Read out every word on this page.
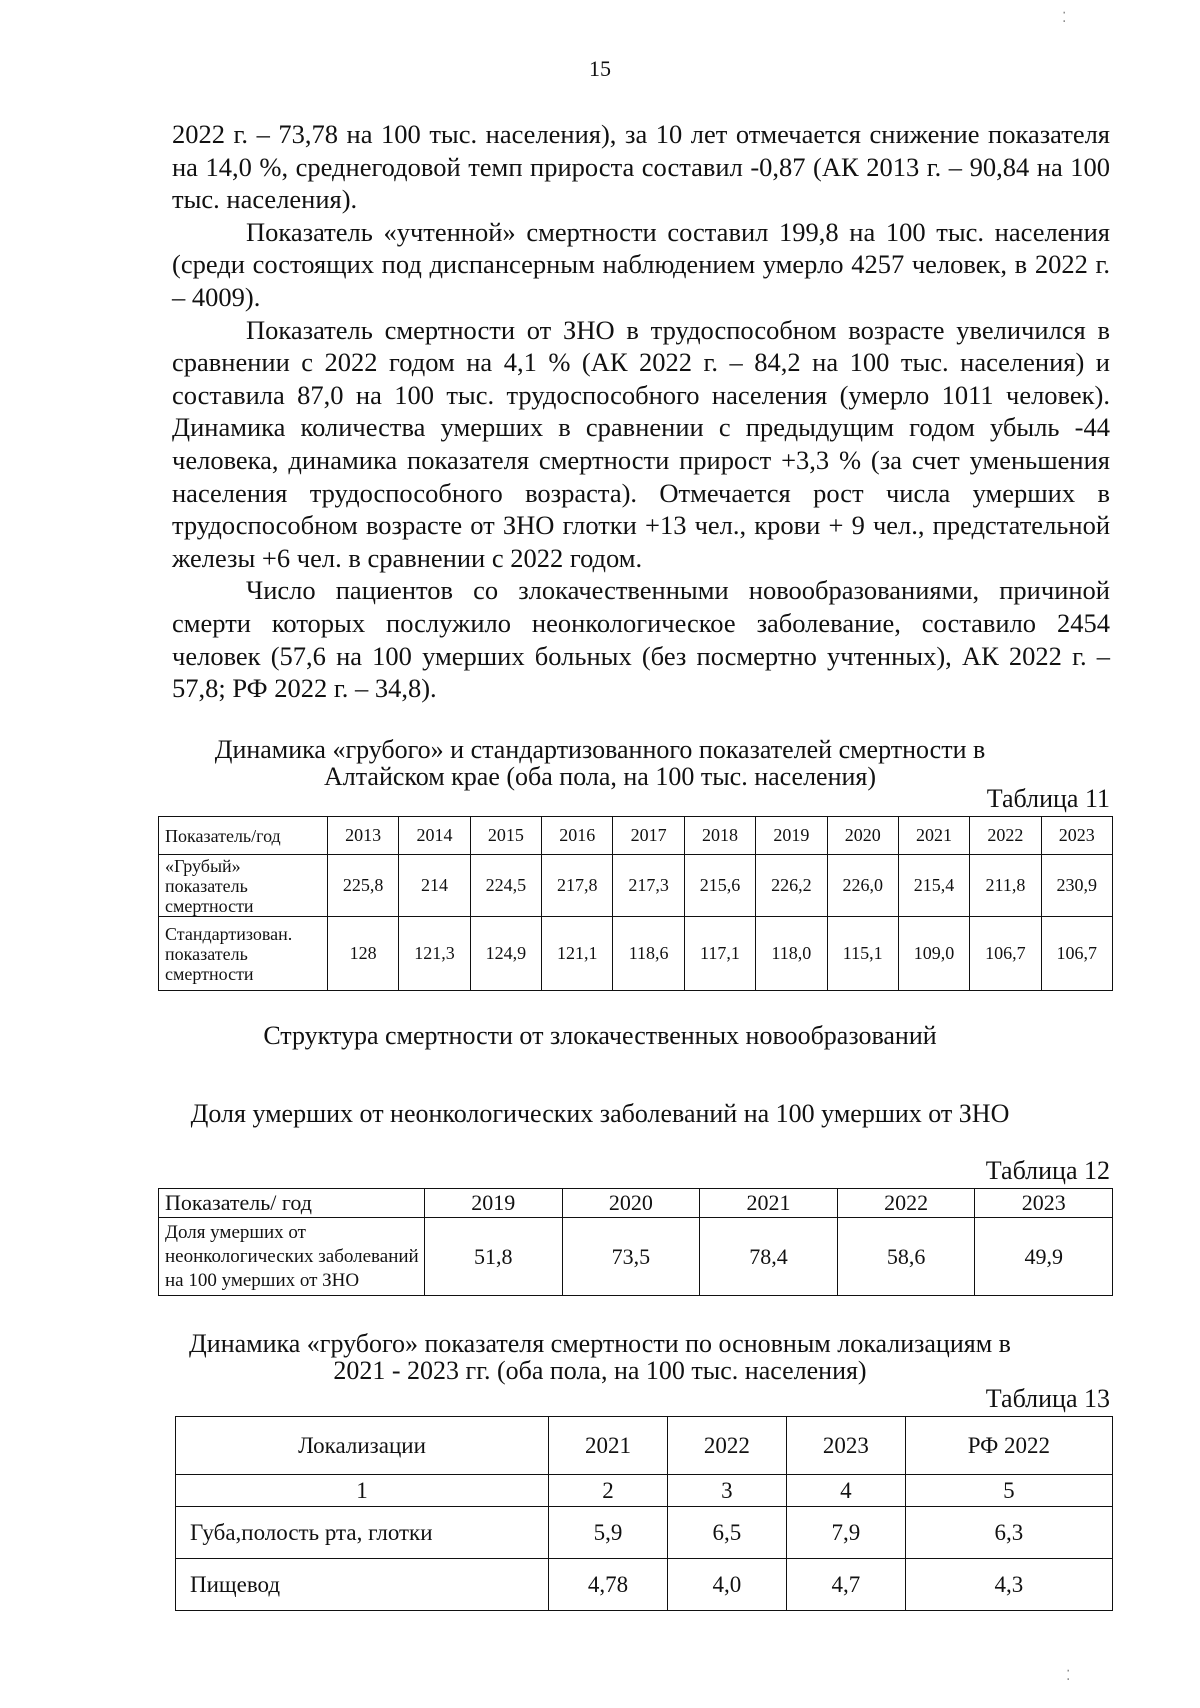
15

2022 г. – 73,78 на 100 тыс. населения), за 10 лет отмечается снижение показателя на 14,0 %, среднегодовой темп прироста составил -0,87 (АК 2013 г. – 90,84 на 100 тыс. населения).

Показатель «учтенной» смертности составил 199,8 на 100 тыс. населения (среди состоящих под диспансерным наблюдением умерло 4257 человек, в 2022 г. – 4009).

Показатель смертности от ЗНО в трудоспособном возрасте увеличился в сравнении с 2022 годом на 4,1 % (АК 2022 г. – 84,2 на 100 тыс. населения) и составила 87,0 на 100 тыс. трудоспособного населения (умерло 1011 человек). Динамика количества умерших в сравнении с предыдущим годом убыль -44 человека, динамика показателя смертности прирост +3,3 % (за счет уменьшения населения трудоспособного возраста). Отмечается рост числа умерших в трудоспособном возрасте от ЗНО глотки +13 чел., крови + 9 чел., предстательной железы +6 чел. в сравнении с 2022 годом.

Число пациентов со злокачественными новообразованиями, причиной смерти которых послужило неонкологическое заболевание, составило 2454 человек (57,6 на 100 умерших больных (без посмертно учтенных), АК 2022 г. – 57,8; РФ 2022 г. – 34,8).

Динамика «грубого» и стандартизованного показателей смертности в
Алтайском крае (оба пола, на 100 тыс. населения)
Таблица 11
Показатель/год	2013	2014	2015	2016	2017	2018	2019	2020	2021	2022	2023
«Грубый» показатель смертности	225,8	214	224,5	217,8	217,3	215,6	226,2	226,0	215,4	211,8	230,9
Стандартизован. показатель смертности	128	121,3	124,9	121,1	118,6	117,1	118,0	115,1	109,0	106,7	106,7
Структура смертности от злокачественных новообразований
Доля умерших от неонкологических заболеваний на 100 умерших от ЗНО
Таблица 12
Показатель/ год	2019	2020	2021	2022	2023
Доля умерших от неонкологических заболеваний на 100 умерших от ЗНО	51,8	73,5	78,4	58,6	49,9
Динамика «грубого» показателя смертности по основным локализациям в
2021 - 2023 гг. (оба пола, на 100 тыс. населения)
Таблица 13
Локализации	2021	2022	2023	РФ 2022
1	2	3	4	5
Губа,полость рта, глотки	5,9	6,5	7,9	6,3
Пищевод	4,78	4,0	4,7	4,3
⁚
⁚
